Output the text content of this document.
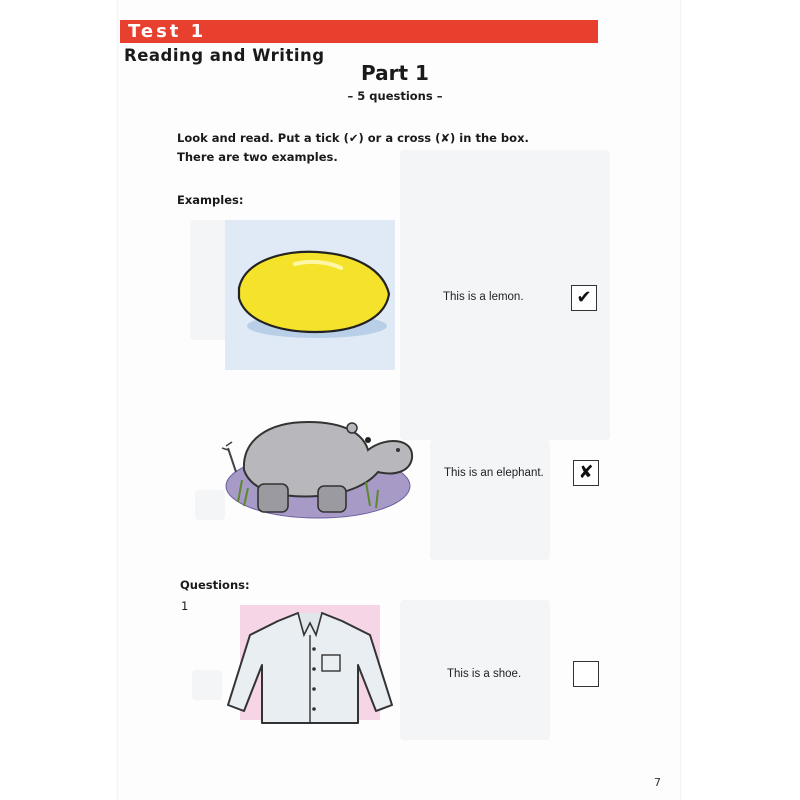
Test 1
Reading and Writing
Part 1
– 5 questions –
Look and read. Put a tick (✔) or a cross (✘) in the box.
There are two examples.
Examples:
This is a lemon.	✔
This is an elephant.	✘
Questions:
1
This is a shoe.
7
